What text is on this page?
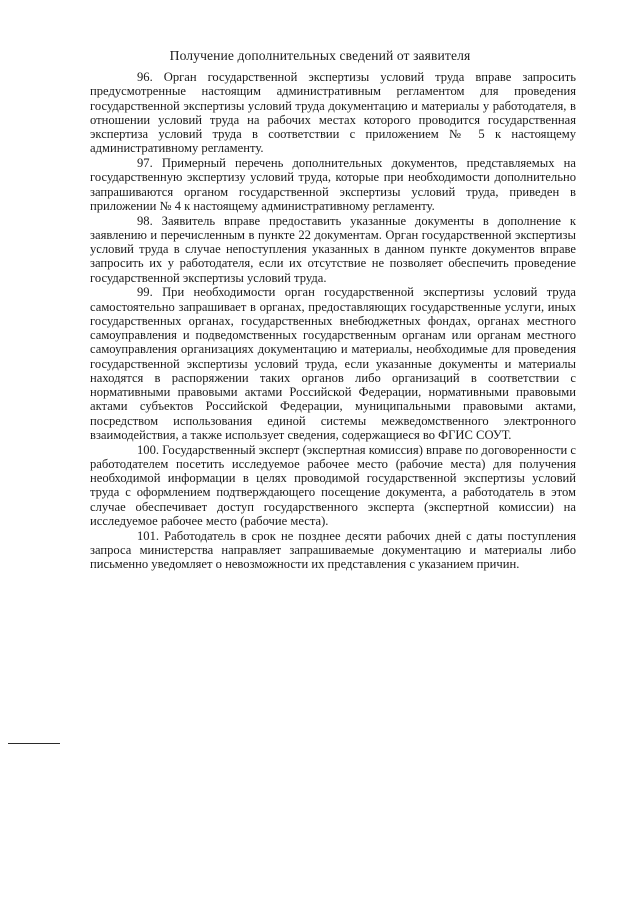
Получение дополнительных сведений от заявителя

96. Орган государственной экспертизы условий труда вправе запросить предусмотренные настоящим административным регламентом для проведения государственной экспертизы условий труда документацию и материалы у работодателя, в отношении условий труда на рабочих местах которого проводится государственная экспертиза условий труда в соответствии с приложением № 5 к настоящему административному регламенту.

97. Примерный перечень дополнительных документов, представляемых на государственную экспертизу условий труда, которые при необходимости дополнительно запрашиваются органом государственной экспертизы условий труда, приведен в приложении № 4 к настоящему административному регламенту.

98. Заявитель вправе предоставить указанные документы в дополнение к заявлению и перечисленным в пункте 22 документам. Орган государственной экспертизы условий труда в случае непоступления указанных в данном пункте документов вправе запросить их у работодателя, если их отсутствие не позволяет обеспечить проведение государственной экспертизы условий труда.

99. При необходимости орган государственной экспертизы условий труда самостоятельно запрашивает в органах, предоставляющих государственные услуги, иных государственных органах, государственных внебюджетных фондах, органах местного самоуправления и подведомственных государственным органам или органам местного самоуправления организациях документацию и материалы, необходимые для проведения государственной экспертизы условий труда, если указанные документы и материалы находятся в распоряжении таких органов либо организаций в соответствии с нормативными правовыми актами Российской Федерации, нормативными правовыми актами субъектов Российской Федерации, муниципальными правовыми актами, посредством использования единой системы межведомственного электронного взаимодействия, а также использует сведения, содержащиеся во ФГИС СОУТ.

100. Государственный эксперт (экспертная комиссия) вправе по договоренности с работодателем посетить исследуемое рабочее место (рабочие места) для получения необходимой информации в целях проводимой государственной экспертизы условий труда с оформлением подтверждающего посещение документа, а работодатель в этом случае обеспечивает доступ государственного эксперта (экспертной комиссии) на исследуемое рабочее место (рабочие места).

101. Работодатель в срок не позднее десяти рабочих дней с даты поступления запроса министерства направляет запрашиваемые документацию и материалы либо письменно уведомляет о невозможности их представления с указанием причин.
